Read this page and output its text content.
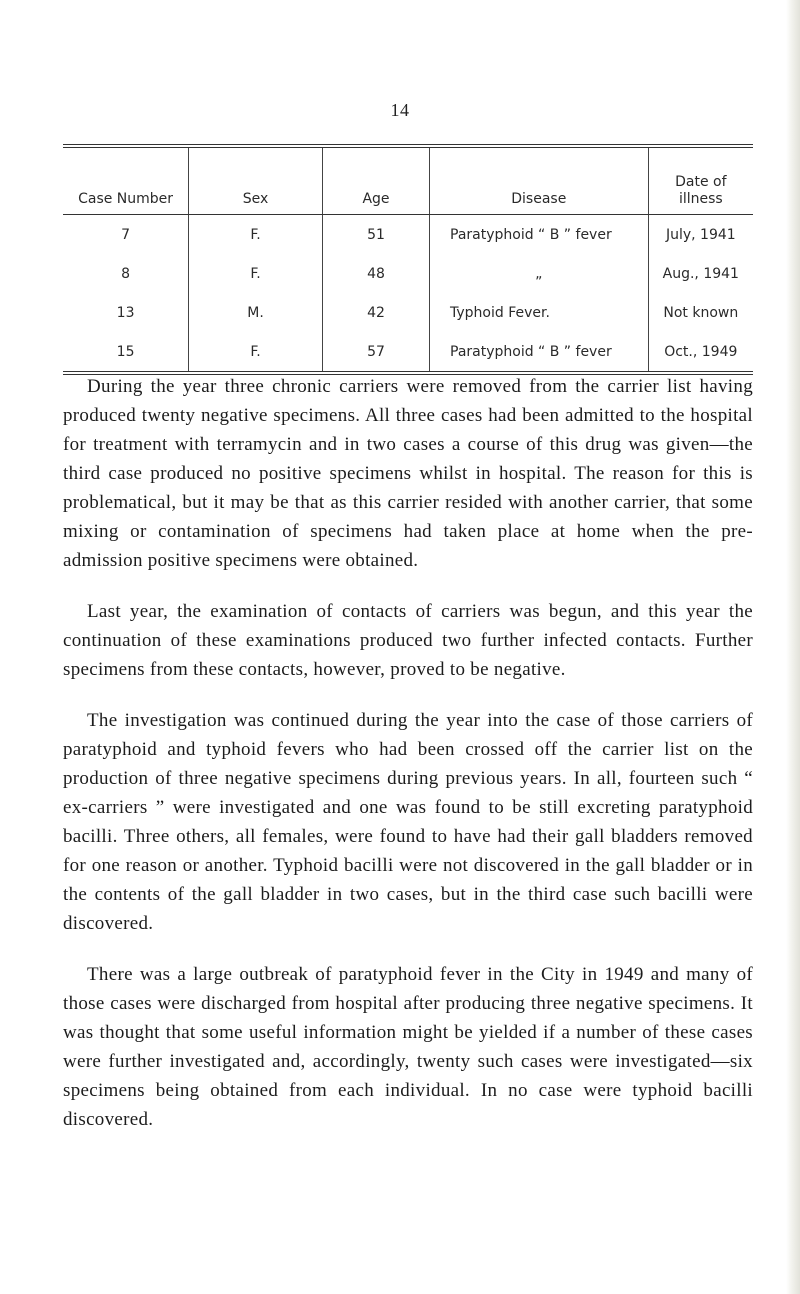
14
Case Number	Sex	Age	Disease	Date of illness
7	F.	51	Paratyphoid “ B ” fever	July, 1941
8	F.	48	„	Aug., 1941
13	M.	42	Typhoid Fever.	Not known
15	F.	57	Paratyphoid “ B ” fever	Oct., 1949

During the year three chronic carriers were removed from the carrier list having produced twenty negative specimens. All three cases had been admitted to the hospital for treatment with terramycin and in two cases a course of this drug was given—the third case produced no positive specimens whilst in hospital. The reason for this is problematical, but it may be that as this carrier resided with another carrier, that some mixing or contamination of specimens had taken place at home when the pre-admission positive specimens were obtained.

Last year, the examination of contacts of carriers was begun, and this year the continuation of these examinations produced two further infected contacts. Further specimens from these contacts, however, proved to be negative.

The investigation was continued during the year into the case of those carriers of paratyphoid and typhoid fevers who had been crossed off the carrier list on the production of three negative specimens during previous years. In all, fourteen such “ ex-carriers ” were investigated and one was found to be still excreting paratyphoid bacilli. Three others, all females, were found to have had their gall bladders removed for one reason or another. Typhoid bacilli were not discovered in the gall bladder or in the contents of the gall bladder in two cases, but in the third case such bacilli were discovered.

There was a large outbreak of paratyphoid fever in the City in 1949 and many of those cases were discharged from hospital after producing three negative specimens. It was thought that some useful information might be yielded if a number of these cases were further investigated and, accordingly, twenty such cases were investigated—six specimens being obtained from each individual. In no case were typhoid bacilli discovered.
